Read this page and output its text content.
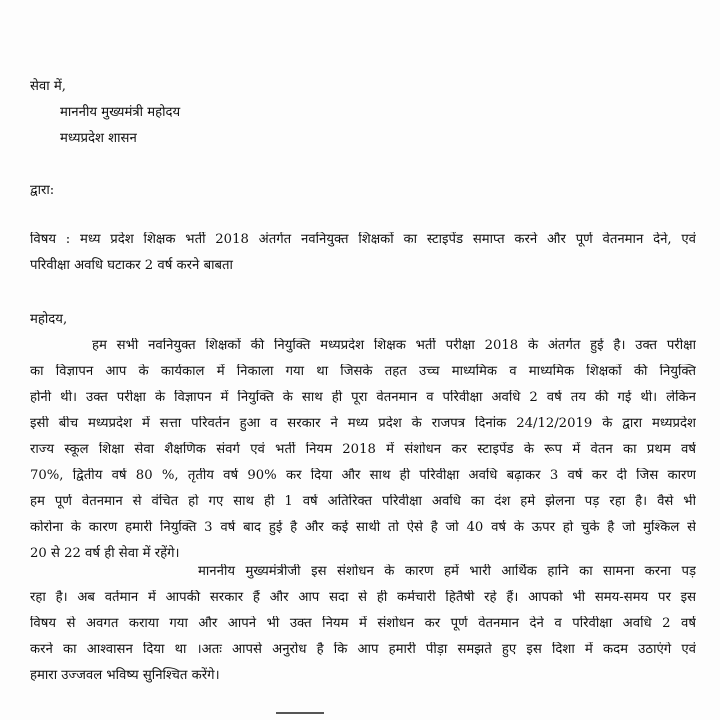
सेवा में,
माननीय मुख्यमंत्री महोदय
मध्यप्रदेश शासन
द्वारा:
विषय : मध्य प्रदेश शिक्षक भर्ती 2018 अंतर्गत नवनियुक्त शिक्षकों का स्टाइपेंड समाप्त करने और पूर्ण वेतनमान देने, एवं
परिवीक्षा अवधि घटाकर 2 वर्ष करने बाबता
महोदय,
हम सभी नवनियुक्त शिक्षकों की नियुक्ति मध्यप्रदेश शिक्षक भर्ती परीक्षा 2018 के अंतर्गत हुई है। उक्त परीक्षा
का विज्ञापन आप के कार्यकाल में निकाला गया था जिसके तहत उच्च माध्यमिक व माध्यमिक शिक्षकों की नियुक्ति
होनी थी। उक्त परीक्षा के विज्ञापन में नियुक्ति के साथ ही पूरा वेतनमान व परिवीक्षा अवधि 2 वर्ष तय की गई थी। लेकिन
इसी बीच मध्यप्रदेश में सत्ता परिवर्तन हुआ व सरकार ने मध्य प्रदेश के राजपत्र दिनांक 24/12/2019 के द्वारा मध्यप्रदेश
राज्य स्कूल शिक्षा सेवा शैक्षणिक संवर्ग एवं भर्ती नियम 2018 में संशोधन कर स्टाइपेंड के रूप में वेतन का प्रथम वर्ष
70%, द्वितीय वर्ष 80 %, तृतीय वर्ष 90% कर दिया और साथ ही परिवीक्षा अवधि बढ़ाकर 3 वर्ष कर दी जिस कारण
हम पूर्ण वेतनमान से वंचित हो गए साथ ही 1 वर्ष अतिरिक्त परिवीक्षा अवधि का दंश हमे झेलना पड़ रहा है। वैसे भी
कोरोना के कारण हमारी नियुक्ति 3 वर्ष बाद हुई है और कई साथी तो ऐसे है जो 40 वर्ष के ऊपर हो चुके है जो मुश्किल से
20 से 22 वर्ष ही सेवा में रहेंगे।
माननीय मुख्यमंत्रीजी इस संशोधन के कारण हमें भारी आर्थिक हानि का सामना करना पड़
रहा है। अब वर्तमान में आपकी सरकार हैं और आप सदा से ही कर्मचारी हितैषी रहे हैं। आपको भी समय-समय पर इस
विषय से अवगत कराया गया और आपने भी उक्त नियम में संशोधन कर पूर्ण वेतनमान देने व परिवीक्षा अवधि 2 वर्ष
करने का आश्वासन दिया था ।अतः आपसे अनुरोध है कि आप हमारी पीड़ा समझते हुए इस दिशा में कदम उठाएंगे एवं
हमारा उज्जवल भविष्य सुनिश्चित करेंगे।
